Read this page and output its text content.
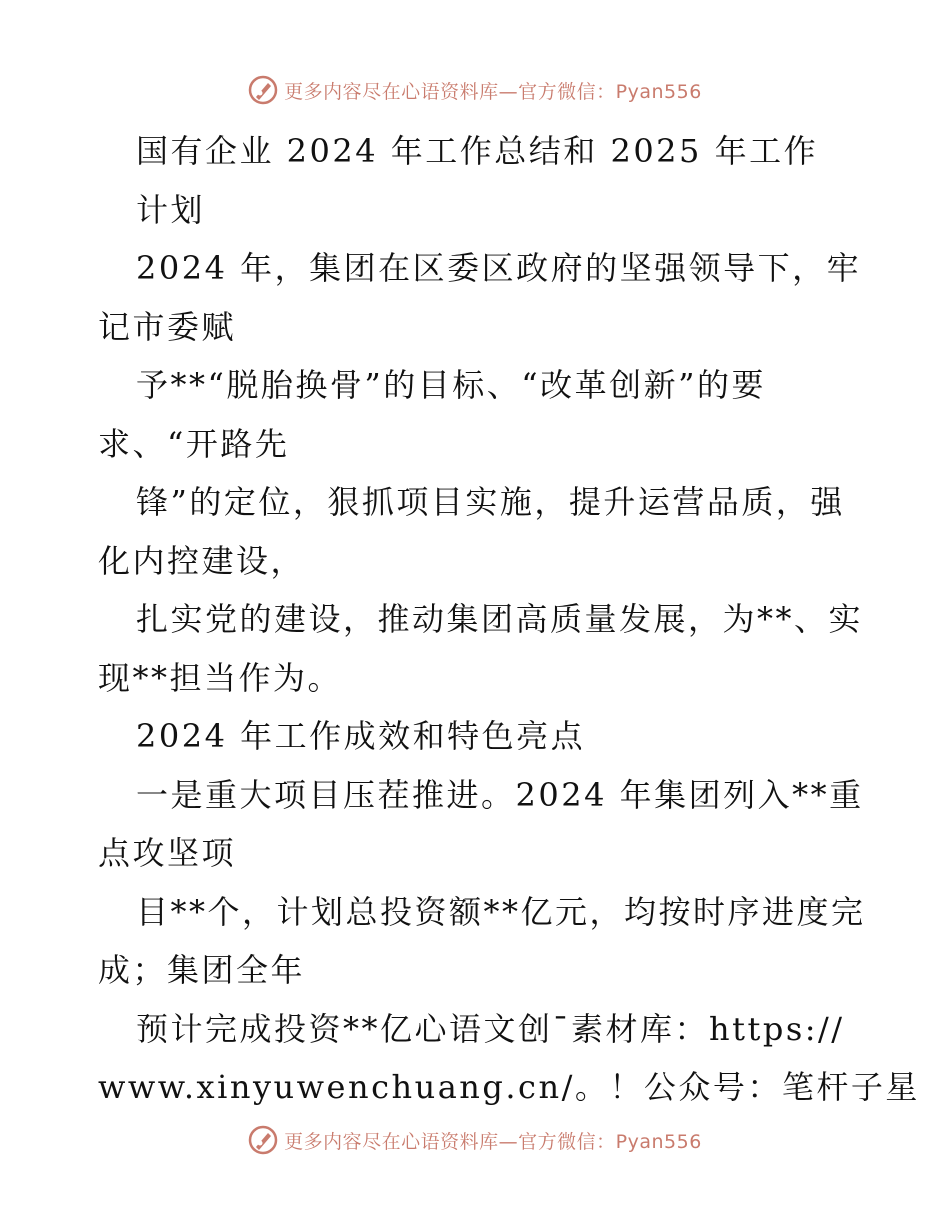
更多内容尽在心语资料库—官方微信：Pyan556
国有企业 2024 年工作总结和 2025 年工作
计划
2024 年，集团在区委区政府的坚强领导下，牢
记市委赋
予**“脱胎换骨”的目标、“改革创新”的要
求、“开路先
锋”的定位，狠抓项目实施，提升运营品质，强
化内控建设，
扎实党的建设，推动集团高质量发展，为**、实
现**担当作为。
2024 年工作成效和特色亮点
一是重大项目压茬推进。2024 年集团列入**重
点攻坚项
目**个，计划总投资额**亿元，均按时序进度完
成；集团全年
预计完成投资**亿心语文创¯素材库：https://
www.xinyuwenchuang.cn/。！公众号：笔杆子星
更多内容尽在心语资料库—官方微信：Pyan556
